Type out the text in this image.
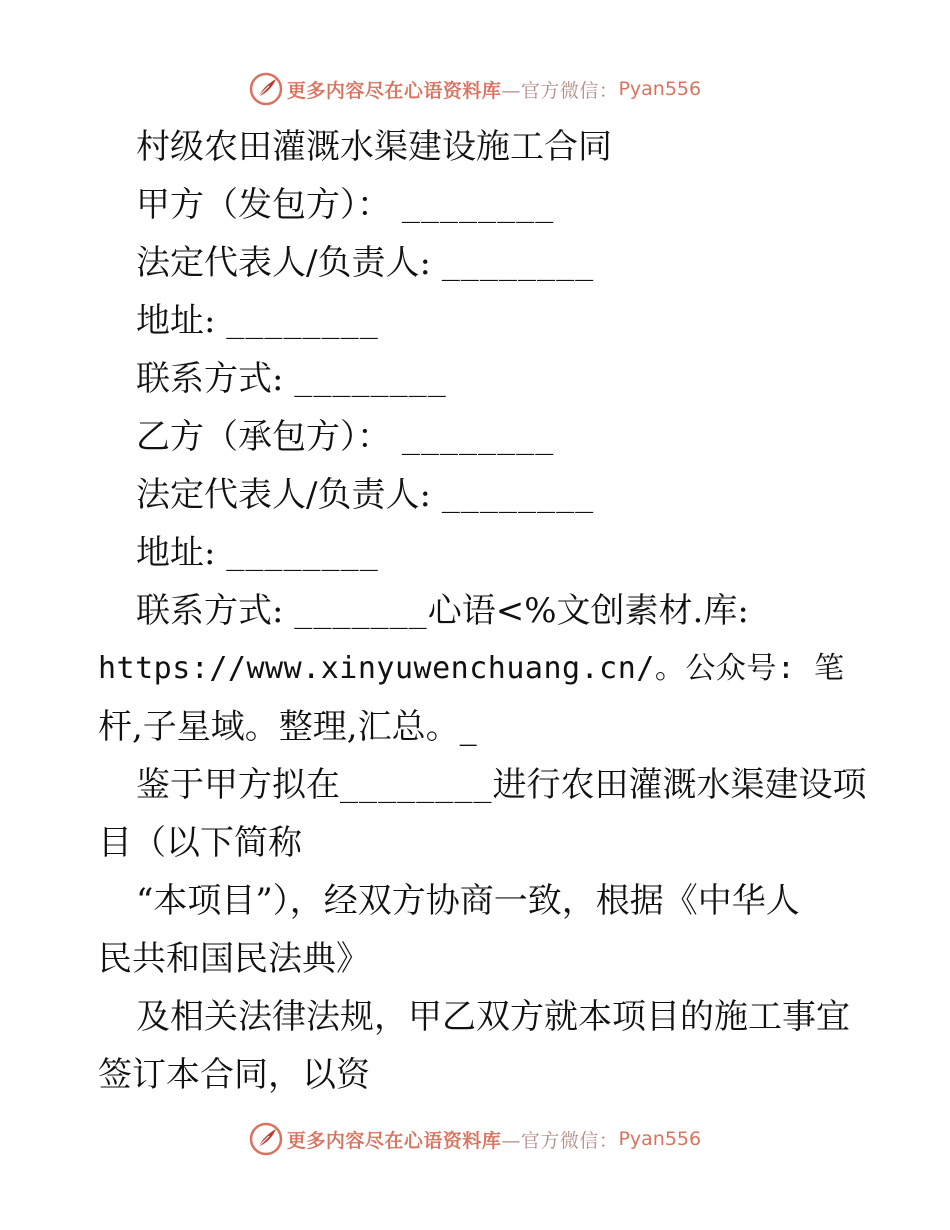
更多内容尽在心语资料库 —官方微信： Pyan556
村级农田灌溉水渠建设施工合同
甲方（发包方）： ________
法定代表人/负责人: ________
地址: ________
联系方式: ________
乙方（承包方）： ________
法定代表人/负责人: ________
地址: ________
联系方式: _______心语<%文创素材.库:
https://www.xinyuwenchuang.cn/。公众号: 笔
杆,子星域。整理,汇总。_
鉴于甲方拟在________进行农田灌溉水渠建设项
目（以下简称
“本项目”），经双方协商一致，根据《中华人
民共和国民法典》
及相关法律法规，甲乙双方就本项目的施工事宜
签订本合同，以资
更多内容尽在心语资料库 —官方微信： Pyan556
